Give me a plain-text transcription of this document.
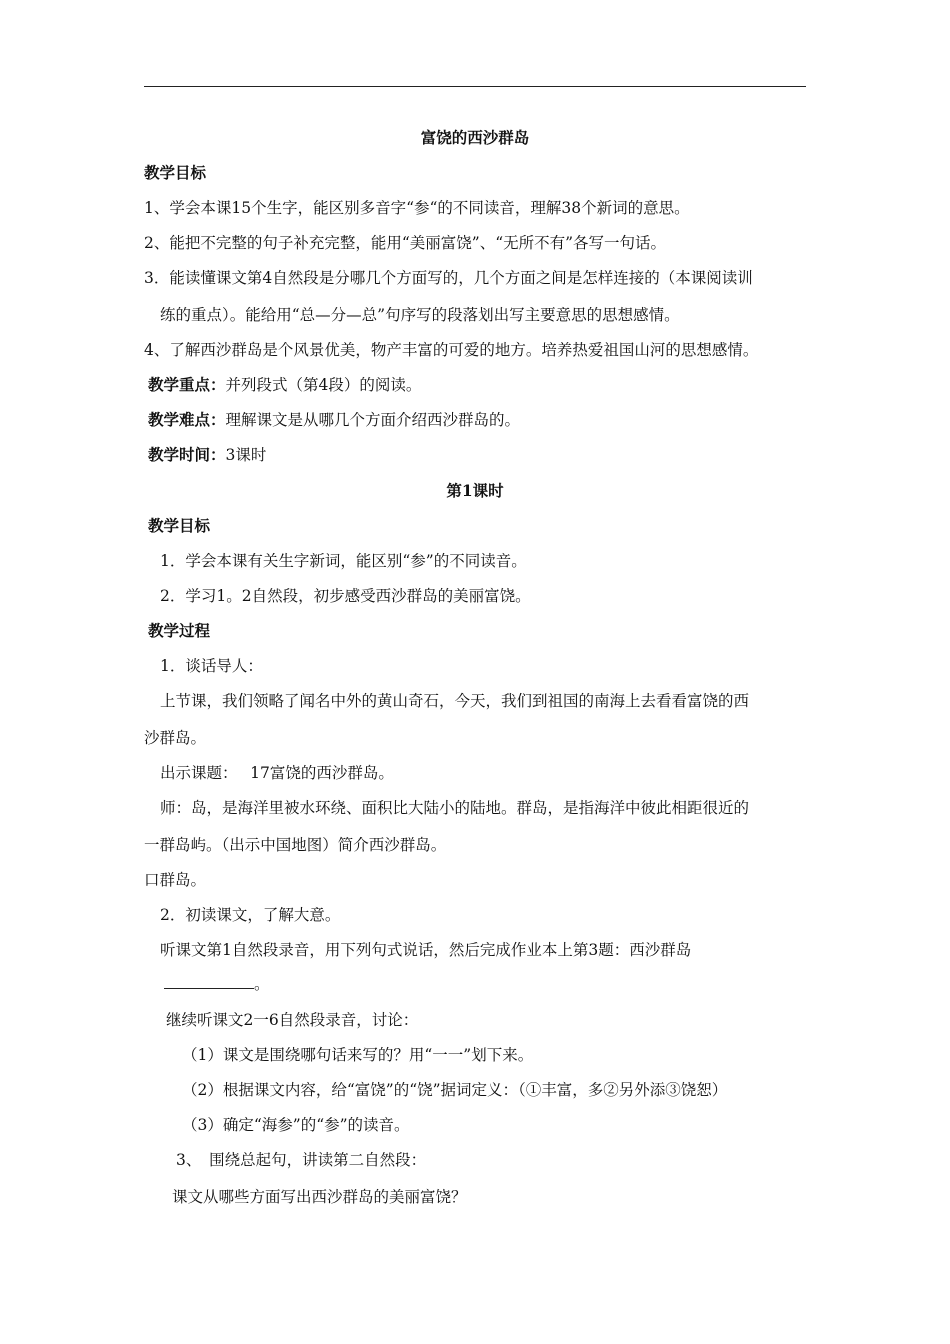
富饶的西沙群岛
教学目标
1、学会本课15个生字，能区别多音字“参“的不同读音，理解38个新词的意思。
2、能把不完整的句子补充完整，能用“美丽富饶”、“无所不有”各写一句话。
3．能读懂课文第4自然段是分哪几个方面写的，几个方面之间是怎样连接的（本课阅读训
练的重点）。能给用“总—分—总”句序写的段落划出写主要意思的思想感情。
4、了解西沙群岛是个风景优美，物产丰富的可爱的地方。培养热爱祖国山河的思想感情。
教学重点：并列段式（第4段）的阅读。
教学难点：理解课文是从哪几个方面介绍西沙群岛的。
教学时间：3课时
第1课时
教学目标
1．学会本课有关生字新词，能区别“参”的不同读音。
2．学习1。2自然段，初步感受西沙群岛的美丽富饶。
教学过程
1．谈话导人：
上节课，我们领略了闻名中外的黄山奇石，今天，我们到祖国的南海上去看看富饶的西
沙群岛。
出示课题：　 17富饶的西沙群岛。
师：岛，是海洋里被水环绕、面积比大陆小的陆地。群岛，是指海洋中彼此相距很近的
一群岛屿。（出示中国地图）简介西沙群岛。
口群岛。
2．初读课文，了解大意。
听课文第1自然段录音，用下列句式说话，然后完成作业本上第3题：西沙群岛
。
继续听课文2一6自然段录音，讨论：
（1）课文是围绕哪句话来写的？用“一一”划下来。
（2）根据课文内容，给“富饶”的“饶”据词定义：（①丰富，多②另外添③饶恕）
（3）确定“海参”的“参”的读音。
3、　围绕总起句，讲读第二自然段：
课文从哪些方面写出西沙群岛的美丽富饶？
